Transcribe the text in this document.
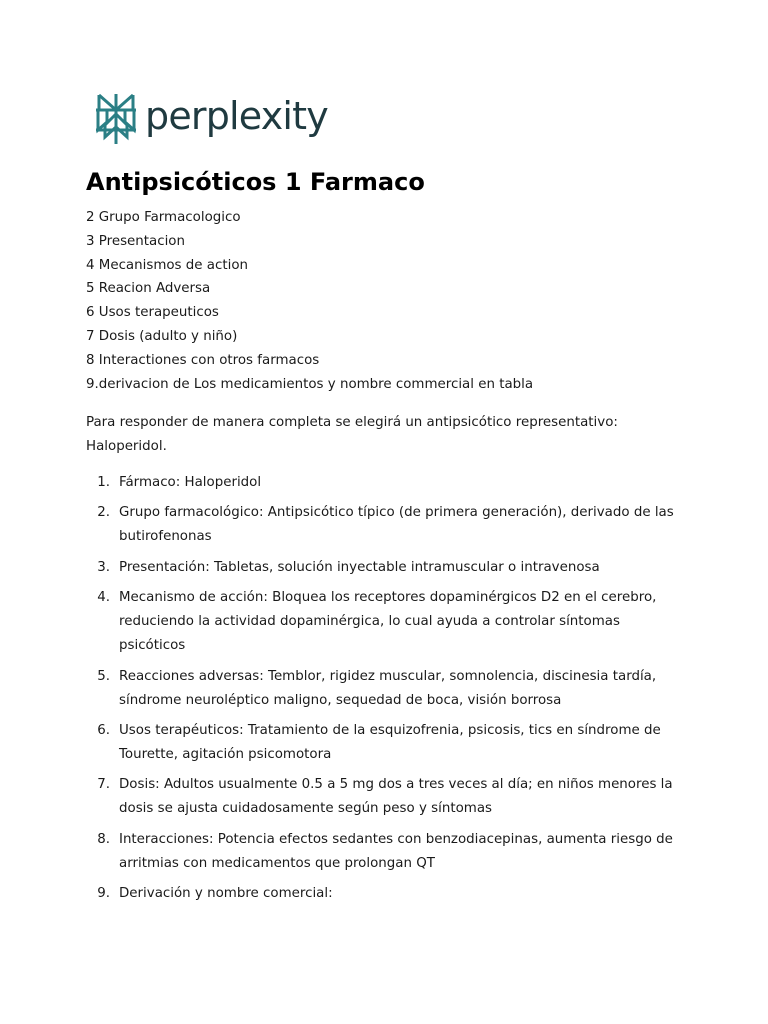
perplexity
Antipsicóticos 1 Farmaco
2 Grupo Farmacologico
3 Presentacion
4 Mecanismos de action
5 Reacion Adversa
6 Usos terapeuticos
7 Dosis (adulto y niño)
8 Interactiones con otros farmacos
9.derivacion de Los medicamientos y nombre commercial en tabla

Para responder de manera completa se elegirá un antipsicótico representativo: Haloperidol.

1. Fármaco: Haloperidol
2. Grupo farmacológico: Antipsicótico típico (de primera generación), derivado de las butirofenonas
3. Presentación: Tabletas, solución inyectable intramuscular o intravenosa
4. Mecanismo de acción: Bloquea los receptores dopaminérgicos D2 en el cerebro, reduciendo la actividad dopaminérgica, lo cual ayuda a controlar síntomas psicóticos
5. Reacciones adversas: Temblor, rigidez muscular, somnolencia, discinesia tardía, síndrome neuroléptico maligno, sequedad de boca, visión borrosa
6. Usos terapéuticos: Tratamiento de la esquizofrenia, psicosis, tics en síndrome de Tourette, agitación psicomotora
7. Dosis: Adultos usualmente 0.5 a 5 mg dos a tres veces al día; en niños menores la dosis se ajusta cuidadosamente según peso y síntomas
8. Interacciones: Potencia efectos sedantes con benzodiacepinas, aumenta riesgo de arritmias con medicamentos que prolongan QT
9. Derivación y nombre comercial:
